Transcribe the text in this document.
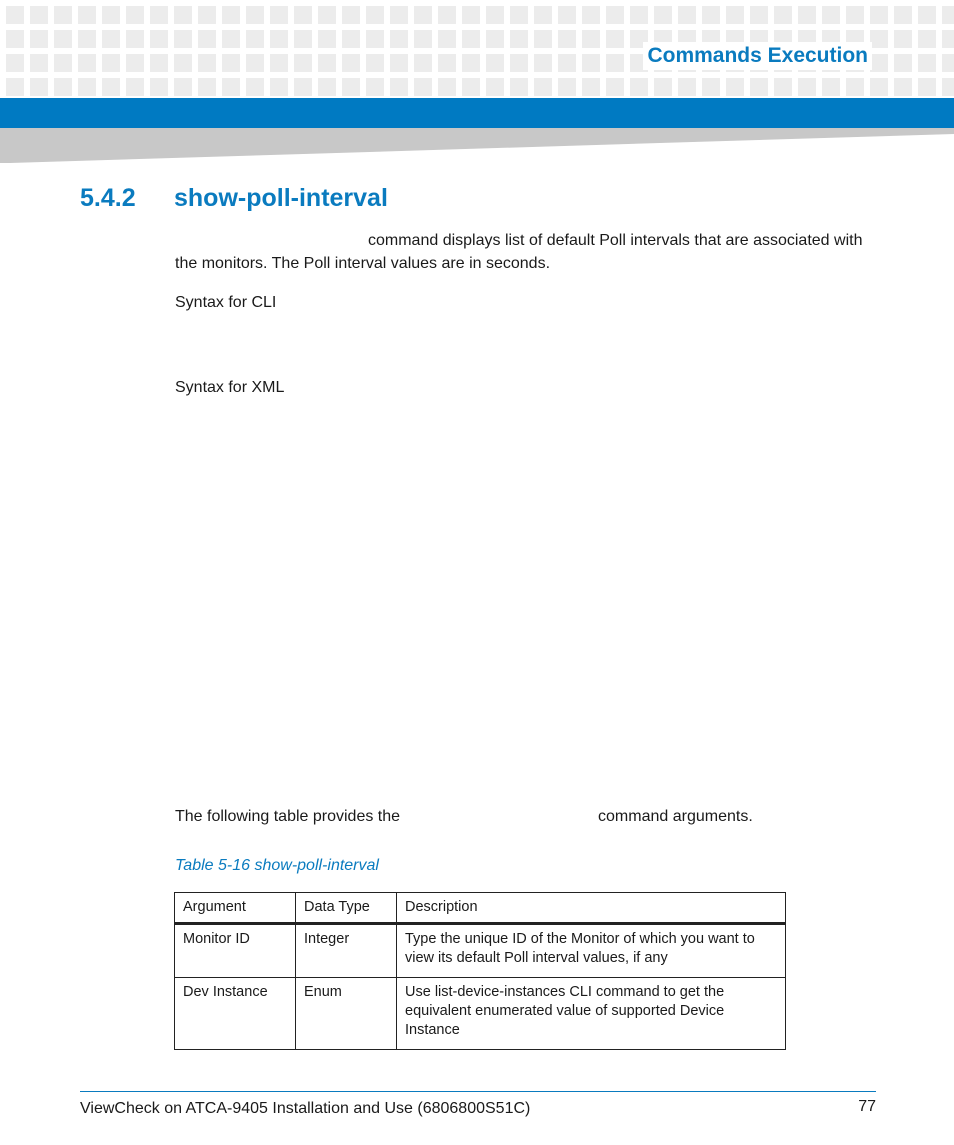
Commands Execution
5.4.2 show-poll-interval

command displays list of default Poll intervals that are associated with the monitors. The Poll interval values are in seconds.

Syntax for CLI

Syntax for XML

The following table provides the	command arguments.

Table 5-16 show-poll-interval

Argument	Data Type	Description
Monitor ID	Integer	Type the unique ID of the Monitor of which you want to view its default Poll interval values, if any
Dev Instance	Enum	Use list-device-instances CLI command to get the equivalent enumerated value of supported Device Instance
ViewCheck on ATCA-9405 Installation and Use (6806800S51C)	77
